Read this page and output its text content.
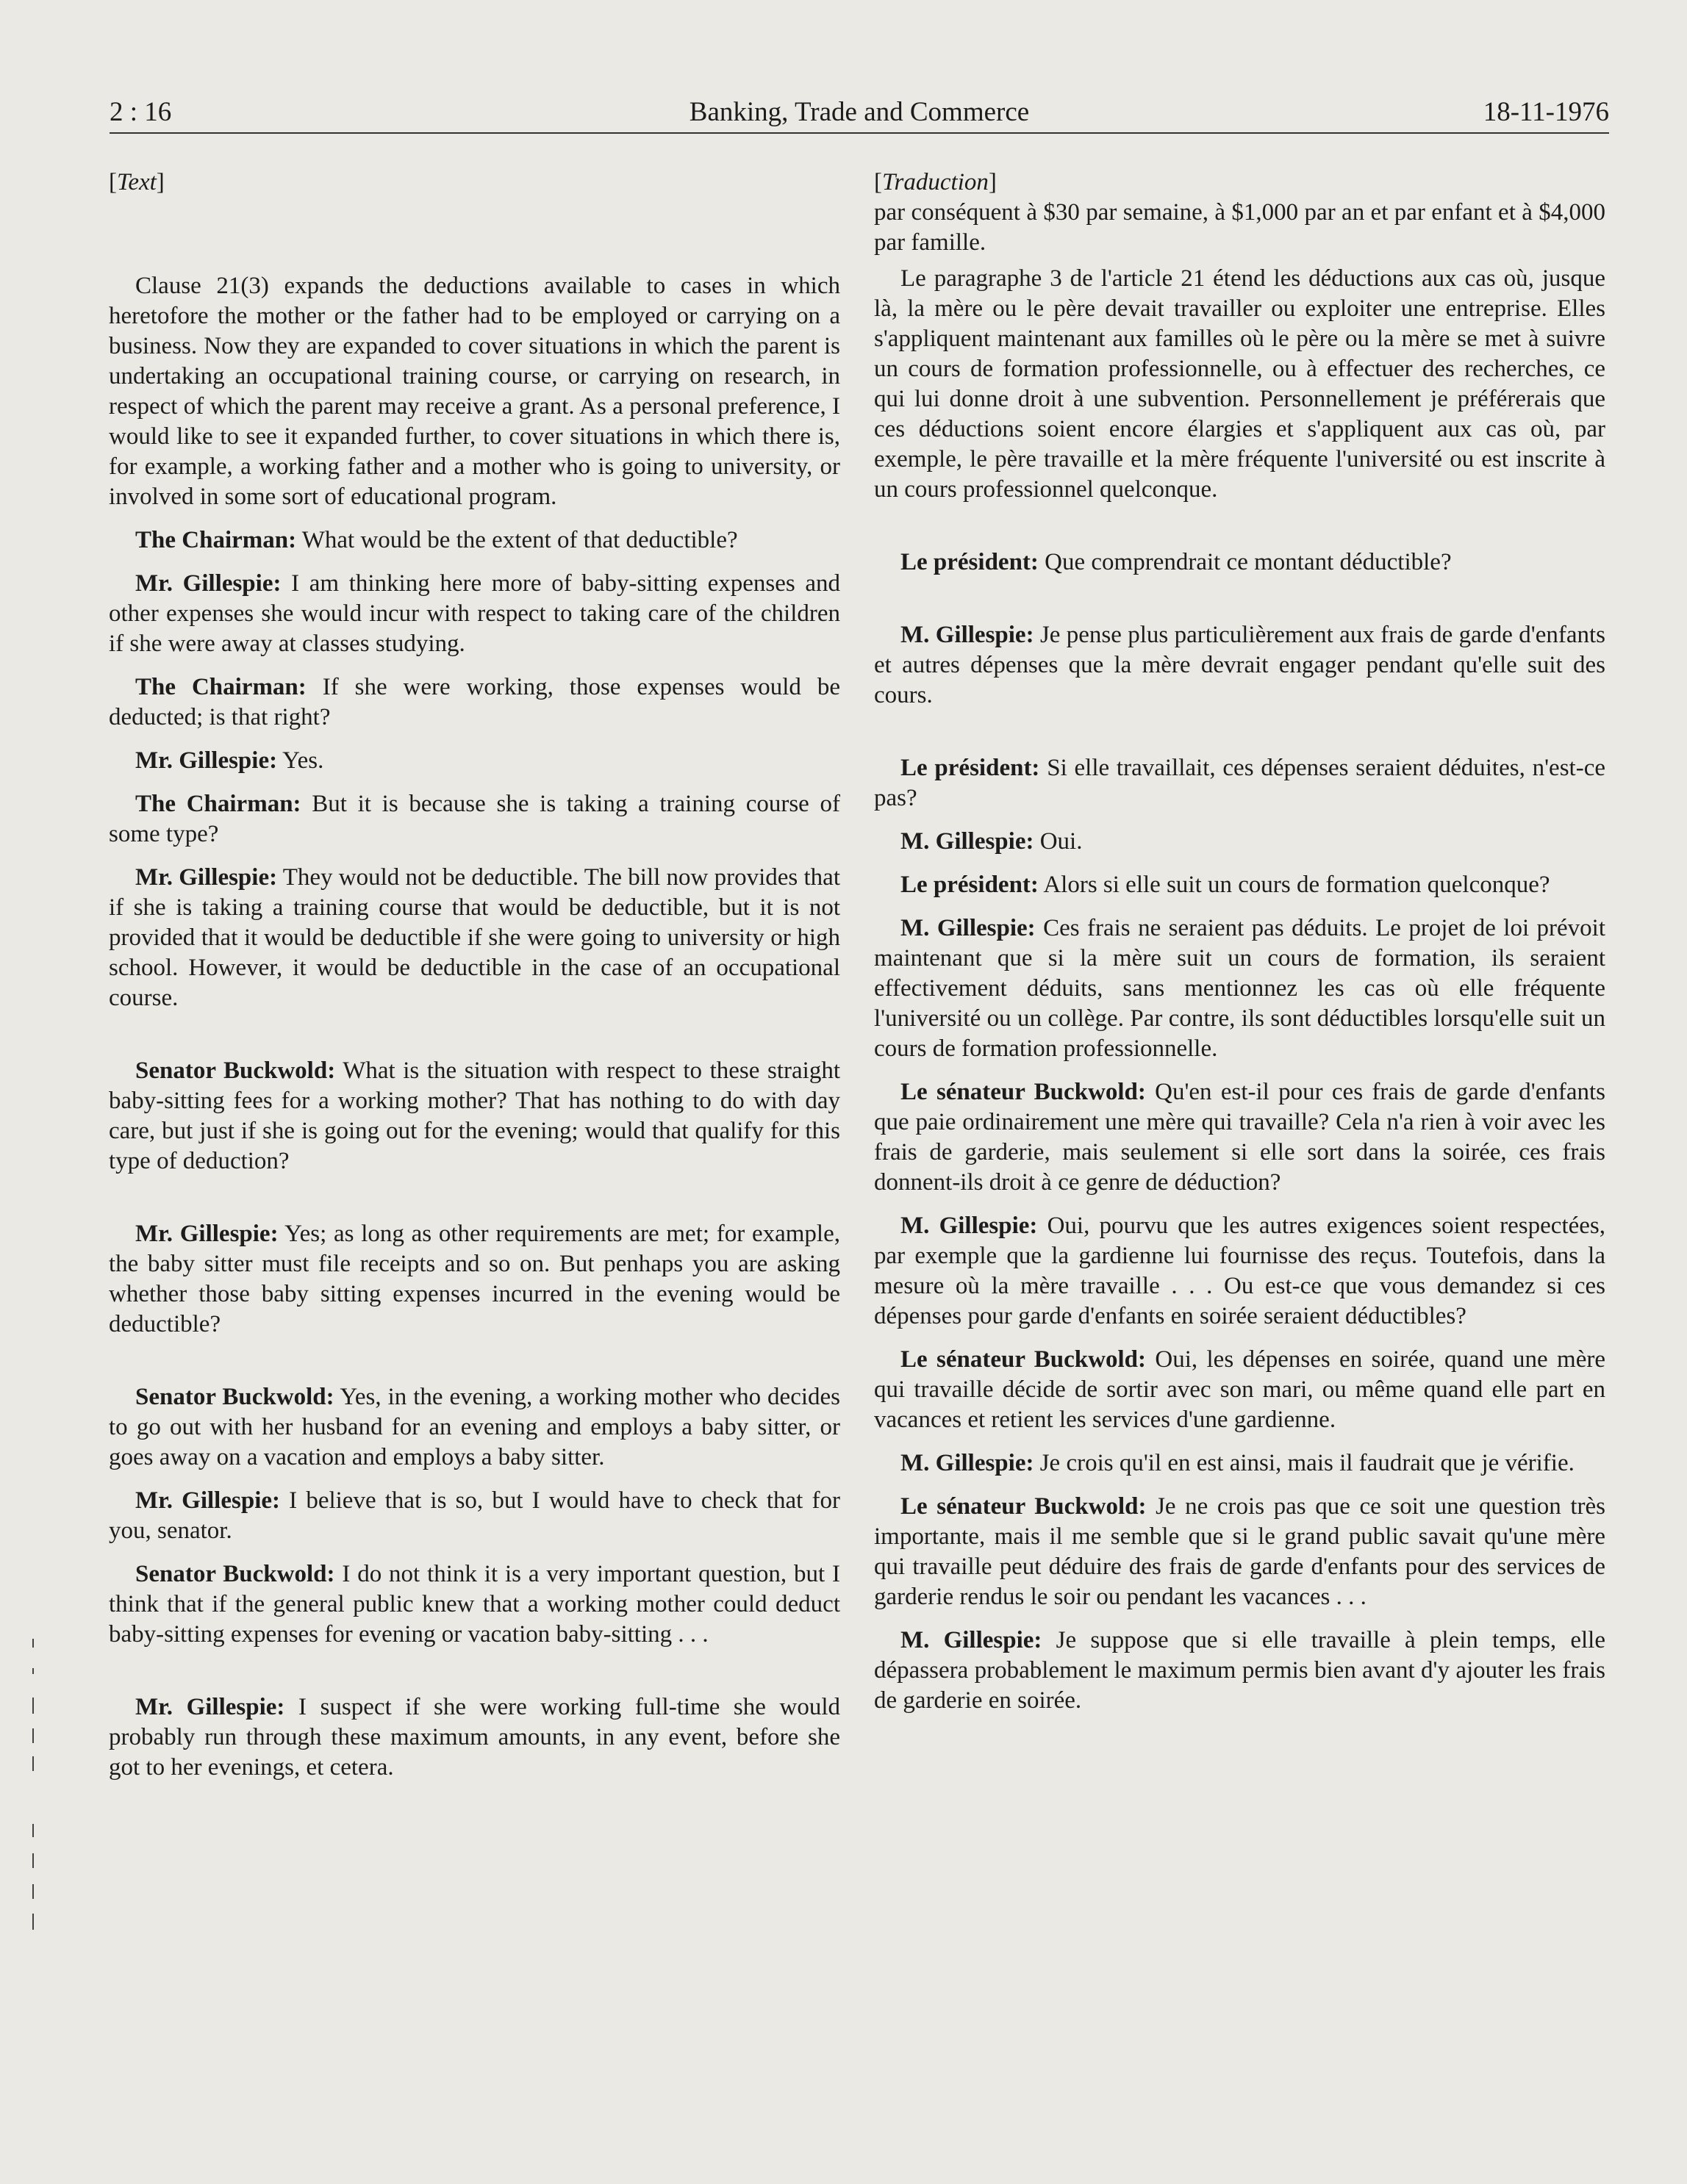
2 : 16	Banking, Trade and Commerce	18-11-1976
[Text]

Clause 21(3) expands the deductions available to cases in which heretofore the mother or the father had to be employed or carrying on a business. Now they are expanded to cover situations in which the parent is undertaking an occupational training course, or carrying on research, in respect of which the parent may receive a grant. As a personal preference, I would like to see it expanded further, to cover situations in which there is, for example, a working father and a mother who is going to university, or involved in some sort of educational program.

The Chairman: What would be the extent of that deductible?

Mr. Gillespie: I am thinking here more of baby-sitting expenses and other expenses she would incur with respect to taking care of the children if she were away at classes studying.

The Chairman: If she were working, those expenses would be deducted; is that right?

Mr. Gillespie: Yes.

The Chairman: But it is because she is taking a training course of some type?

Mr. Gillespie: They would not be deductible. The bill now provides that if she is taking a training course that would be deductible, but it is not provided that it would be deductible if she were going to university or high school. However, it would be deductible in the case of an occupational course.

Senator Buckwold: What is the situation with respect to these straight baby-sitting fees for a working mother? That has nothing to do with day care, but just if she is going out for the evening; would that qualify for this type of deduction?

Mr. Gillespie: Yes; as long as other requirements are met; for example, the baby sitter must file receipts and so on. But penhaps you are asking whether those baby sitting expenses incurred in the evening would be deductible?

Senator Buckwold: Yes, in the evening, a working mother who decides to go out with her husband for an evening and employs a baby sitter, or goes away on a vacation and employs a baby sitter.

Mr. Gillespie: I believe that is so, but I would have to check that for you, senator.

Senator Buckwold: I do not think it is a very important question, but I think that if the general public knew that a working mother could deduct baby-sitting expenses for evening or vacation baby-sitting . . .

Mr. Gillespie: I suspect if she were working full-time she would probably run through these maximum amounts, in any event, before she got to her evenings, et cetera.

[Traduction]

par conséquent à $30 par semaine, à $1,000 par an et par enfant et à $4,000 par famille.

Le paragraphe 3 de l'article 21 étend les déductions aux cas où, jusque là, la mère ou le père devait travailler ou exploiter une entreprise. Elles s'appliquent maintenant aux familles où le père ou la mère se met à suivre un cours de formation professionnelle, ou à effectuer des recherches, ce qui lui donne droit à une subvention. Personnellement je préférerais que ces déductions soient encore élargies et s'appliquent aux cas où, par exemple, le père travaille et la mère fréquente l'université ou est inscrite à un cours professionnel quelconque.

Le président: Que comprendrait ce montant déductible?

M. Gillespie: Je pense plus particulièrement aux frais de garde d'enfants et autres dépenses que la mère devrait engager pendant qu'elle suit des cours.

Le président: Si elle travaillait, ces dépenses seraient déduites, n'est-ce pas?

M. Gillespie: Oui.

Le président: Alors si elle suit un cours de formation quelconque?

M. Gillespie: Ces frais ne seraient pas déduits. Le projet de loi prévoit maintenant que si la mère suit un cours de formation, ils seraient effectivement déduits, sans mentionnez les cas où elle fréquente l'université ou un collège. Par contre, ils sont déductibles lorsqu'elle suit un cours de formation professionnelle.

Le sénateur Buckwold: Qu'en est-il pour ces frais de garde d'enfants que paie ordinairement une mère qui travaille? Cela n'a rien à voir avec les frais de garderie, mais seulement si elle sort dans la soirée, ces frais donnent-ils droit à ce genre de déduction?

M. Gillespie: Oui, pourvu que les autres exigences soient respectées, par exemple que la gardienne lui fournisse des reçus. Toutefois, dans la mesure où la mère travaille . . . Ou est-ce que vous demandez si ces dépenses pour garde d'enfants en soirée seraient déductibles?

Le sénateur Buckwold: Oui, les dépenses en soirée, quand une mère qui travaille décide de sortir avec son mari, ou même quand elle part en vacances et retient les services d'une gardienne.

M. Gillespie: Je crois qu'il en est ainsi, mais il faudrait que je vérifie.

Le sénateur Buckwold: Je ne crois pas que ce soit une question très importante, mais il me semble que si le grand public savait qu'une mère qui travaille peut déduire des frais de garde d'enfants pour des services de garderie rendus le soir ou pendant les vacances . . .

M. Gillespie: Je suppose que si elle travaille à plein temps, elle dépassera probablement le maximum permis bien avant d'y ajouter les frais de garderie en soirée.
